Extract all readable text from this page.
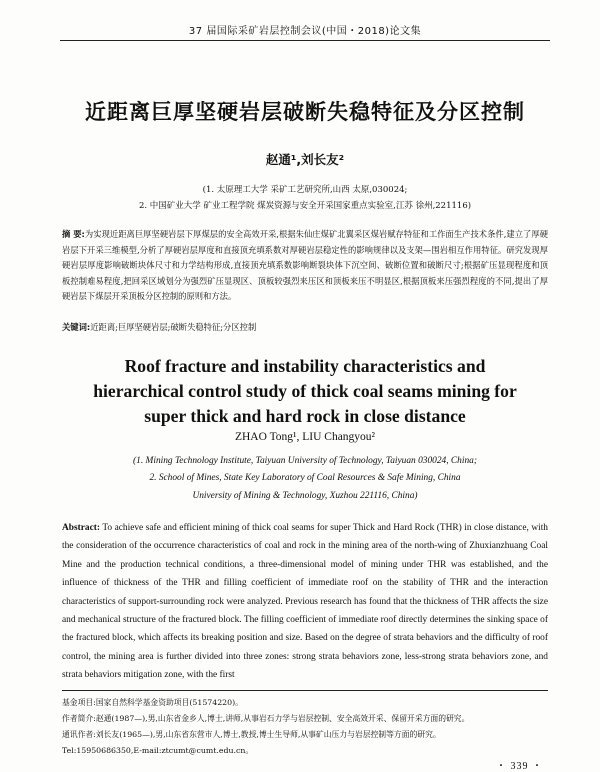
37 届国际采矿岩层控制会议(中国・2018)论文集
近距离巨厚坚硬岩层破断失稳特征及分区控制
赵通¹,刘长友²
(1. 太原理工大学 采矿工艺研究所,山西 太原,030024;
2. 中国矿业大学 矿业工程学院 煤炭资源与安全开采国家重点实验室,江苏 徐州,221116)
摘 要:为实现近距离巨厚坚硬岩层下厚煤层的安全高效开采,根据朱仙庄煤矿北翼采区煤岩赋存特征和工作面生产技术条件,建立了厚硬岩层下开采三维模型,分析了厚硬岩层厚度和直接顶充填系数对厚硬岩层稳定性的影响规律以及支架—围岩相互作用特征。研究发现厚硬岩层厚度影响破断块体尺寸和力学结构形成,直接顶充填系数影响断裂块体下沉空间、破断位置和破断尺寸;根据矿压显现程度和顶板控制难易程度,把回采区域划分为强烈矿压显现区、顶板较强烈来压区和顶板来压不明显区,根据顶板来压强烈程度的不同,提出了厚硬岩层下煤层开采顶板分区控制的原则和方法。
关键词:近距离;巨厚坚硬岩层;破断失稳特征;分区控制
Roof fracture and instability characteristics and
hierarchical control study of thick coal seams mining for
super thick and hard rock in close distance
ZHAO Tong¹, LIU Changyou²
(1. Mining Technology Institute, Taiyuan University of Technology, Taiyuan 030024, China;
2. School of Mines, State Key Laboratory of Coal Resources & Safe Mining, China
University of Mining & Technology, Xuzhou 221116, China)
Abstract: To achieve safe and efficient mining of thick coal seams for super Thick and Hard Rock (THR) in close distance, with the consideration of the occurrence characteristics of coal and rock in the mining area of the north-wing of Zhuxianzhuang Coal Mine and the production technical conditions, a three-dimensional model of mining under THR was established, and the influence of thickness of the THR and filling coefficient of immediate roof on the stability of THR and the interaction characteristics of support-surrounding rock were analyzed. Previous research has found that the thickness of THR affects the size and mechanical structure of the fractured block. The filling coefficient of immediate roof directly determines the sinking space of the fractured block, which affects its breaking position and size. Based on the degree of strata behaviors and the difficulty of roof control, the mining area is further divided into three zones: strong strata behaviors zone, less-strong strata behaviors zone, and strata behaviors mitigation zone, with the first
基金项目:国家自然科学基金资助项目(51574220)。
作者简介:赵通(1987—),男,山东省金乡人,博士,讲师,从事岩石力学与岩层控制、安全高效开采、保留开采方面的研究。
通讯作者:刘长友(1965—),男,山东省东营市人,博士,教授,博士生导师,从事矿山压力与岩层控制等方面的研究。
Tel:15950686350,E-mail:ztcumt@cumt.edu.cn。
・ 339 ・
